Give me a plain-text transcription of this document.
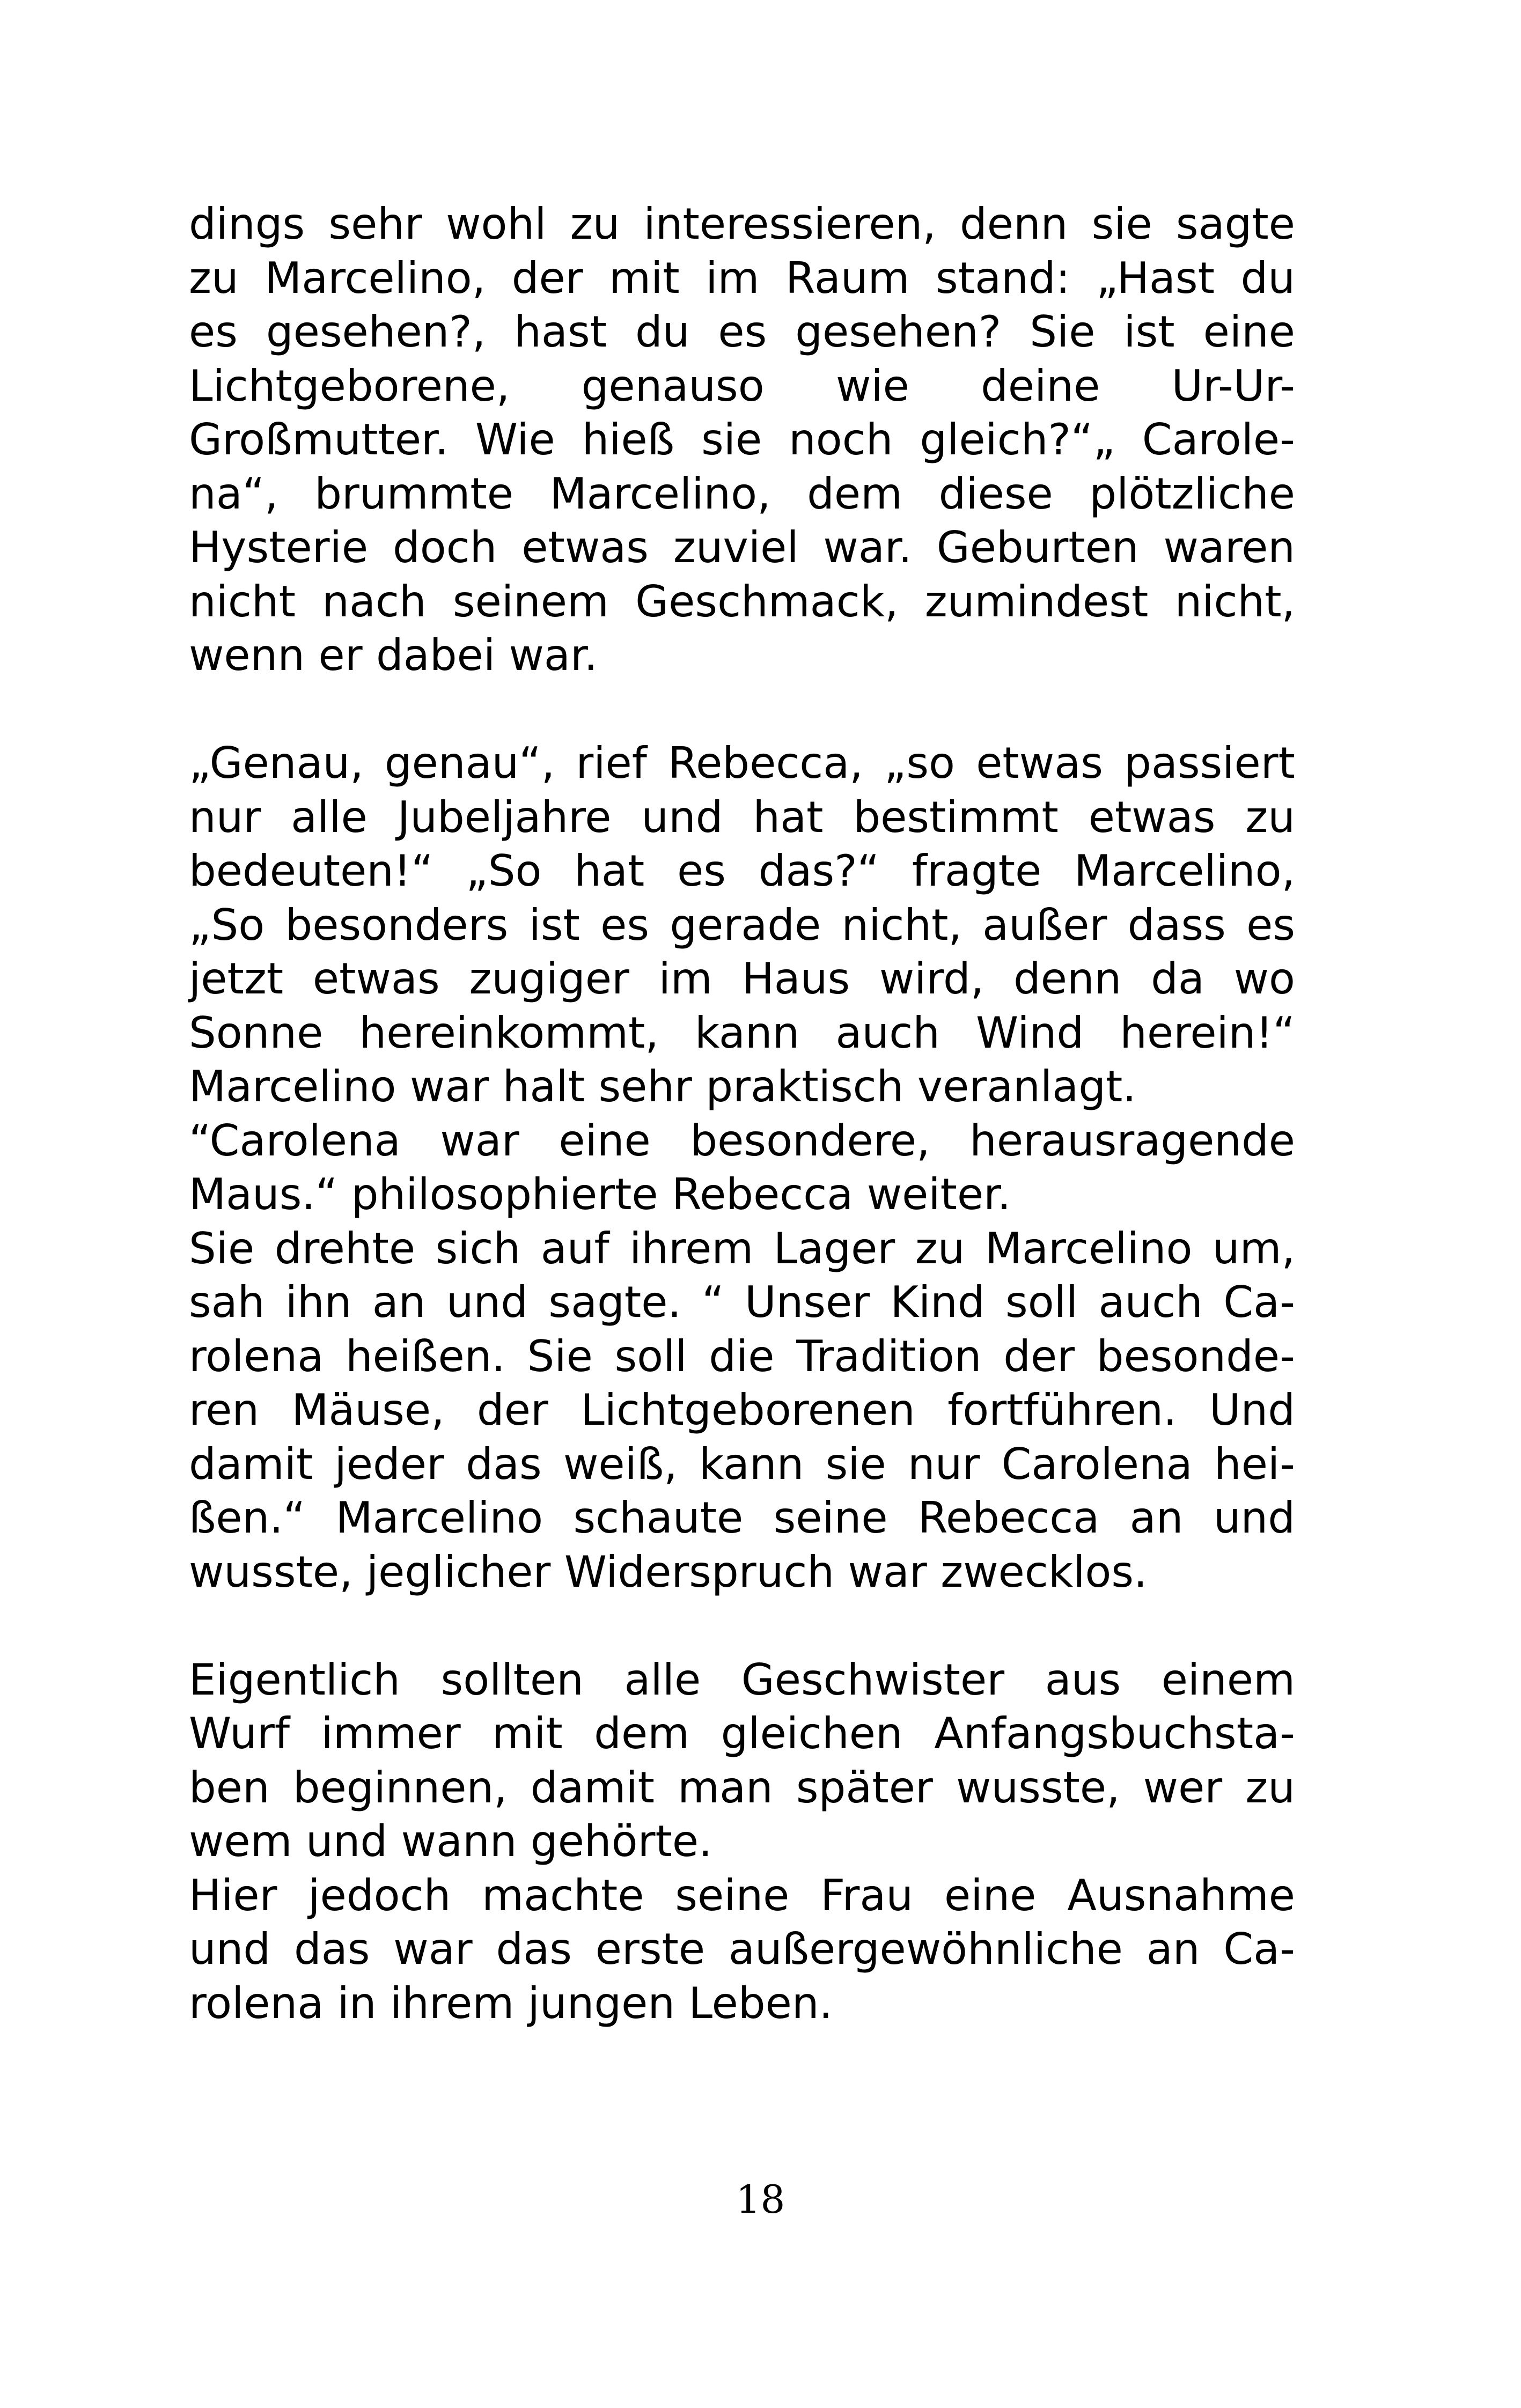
dings sehr wohl zu interessieren, denn sie sagte
zu Marcelino, der mit im Raum stand: „Hast du
es gesehen?, hast du es gesehen? Sie ist eine
Lichtgeborene, genauso wie deine Ur-Ur-
Großmutter. Wie hieß sie noch gleich?“„ Carole-
na“, brummte Marcelino, dem diese plötzliche
Hysterie doch etwas zuviel war. Geburten waren
nicht nach seinem Geschmack, zumindest nicht,
wenn er dabei war.
„Genau, genau“, rief Rebecca, „so etwas passiert
nur alle Jubeljahre und hat bestimmt etwas zu
bedeuten!“ „So hat es das?“ fragte Marcelino,
„So besonders ist es gerade nicht, außer dass es
jetzt etwas zugiger im Haus wird, denn da wo
Sonne hereinkommt, kann auch Wind herein!“
Marcelino war halt sehr praktisch veranlagt.
“Carolena war eine besondere, herausragende
Maus.“ philosophierte Rebecca weiter.
Sie drehte sich auf ihrem Lager zu Marcelino um,
sah ihn an und sagte. “ Unser Kind soll auch Ca-
rolena heißen. Sie soll die Tradition der besonde-
ren Mäuse, der Lichtgeborenen fortführen. Und
damit jeder das weiß, kann sie nur Carolena hei-
ßen.“ Marcelino schaute seine Rebecca an und
wusste, jeglicher Widerspruch war zwecklos.
Eigentlich sollten alle Geschwister aus einem
Wurf immer mit dem gleichen Anfangsbuchsta-
ben beginnen, damit man später wusste, wer zu
wem und wann gehörte.
Hier jedoch machte seine Frau eine Ausnahme
und das war das erste außergewöhnliche an Ca-
rolena in ihrem jungen Leben.
18
